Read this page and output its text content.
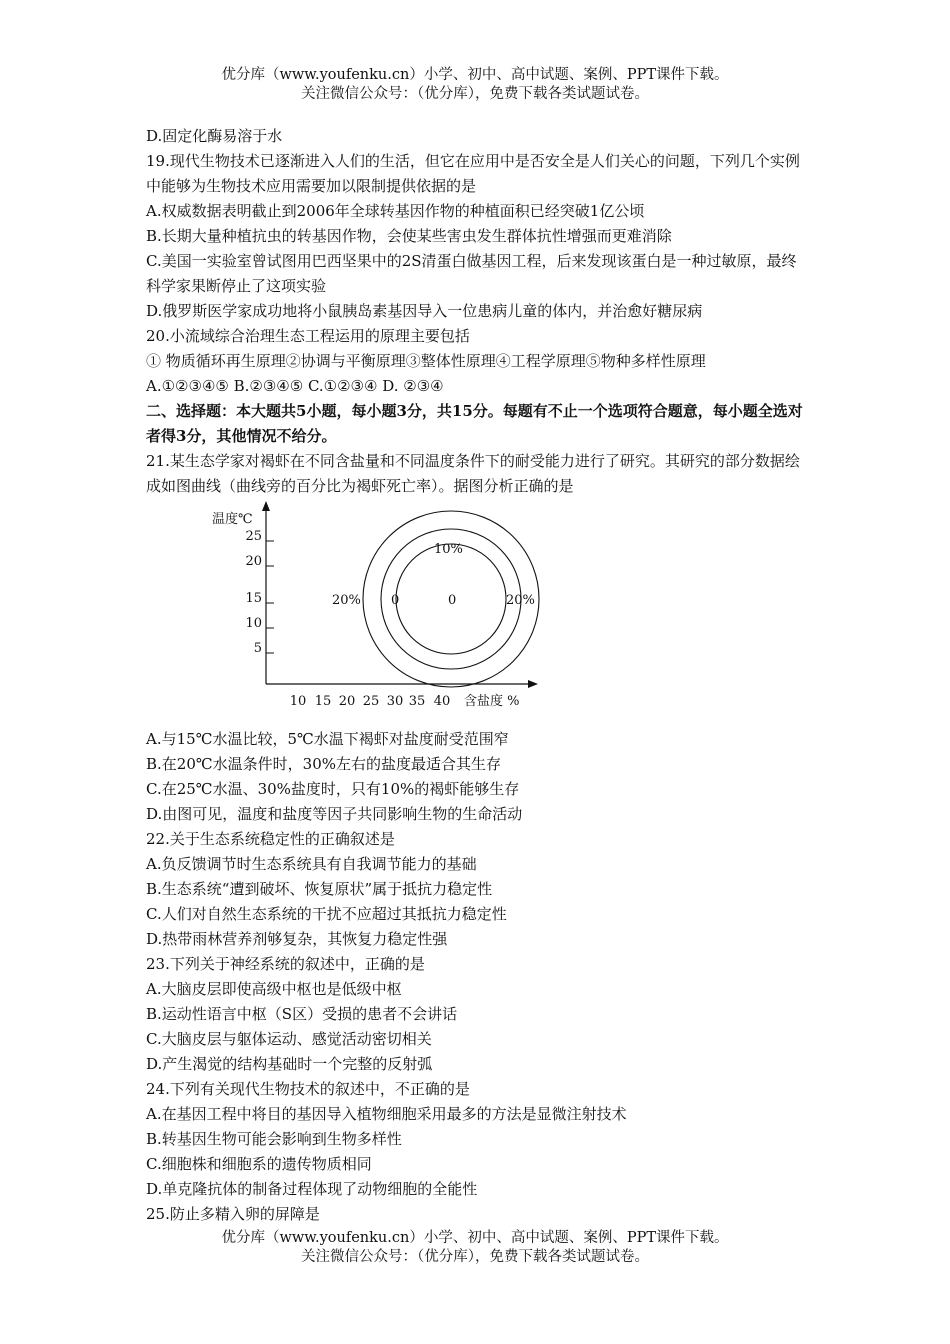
优分库（www.youfenku.cn）小学、初中、高中试题、案例、PPT课件下载。
关注微信公众号：（优分库），免费下载各类试题试卷。
D.固定化酶易溶于水
19.现代生物技术已逐渐进入人们的生活，但它在应用中是否安全是人们关心的问题，下列几个实例中能够为生物技术应用需要加以限制提供依据的是
A.权威数据表明截止到2006年全球转基因作物的种植面积已经突破1亿公顷
B.长期大量种植抗虫的转基因作物，会使某些害虫发生群体抗性增强而更难消除
C.美国一实验室曾试图用巴西坚果中的2S清蛋白做基因工程，后来发现该蛋白是一种过敏原，最终科学家果断停止了这项实验
D.俄罗斯医学家成功地将小鼠胰岛素基因导入一位患病儿童的体内，并治愈好糖尿病
20.小流域综合治理生态工程运用的原理主要包括
① 物质循环再生原理②协调与平衡原理③整体性原理④工程学原理⑤物种多样性原理
A.①②③④⑤ B.②③④⑤ C.①②③④ D. ②③④
二、选择题：本大题共5小题，每小题3分，共15分。每题有不止一个选项符合题意，每小题全选对者得3分，其他情况不给分。
21.某生态学家对褐虾在不同含盐量和不同温度条件下的耐受能力进行了研究。其研究的部分数据绘成如图曲线（曲线旁的百分比为褐虾死亡率）。据图分析正确的是
温度℃
25
20
15
10
5
10 15 20 25 30 35 40
10%
20% 0	0	20%
含盐度 %
A.与15℃水温比较，5℃水温下褐虾对盐度耐受范围窄
B.在20℃水温条件时，30%左右的盐度最适合其生存
C.在25℃水温、30%盐度时，只有10%的褐虾能够生存
D.由图可见，温度和盐度等因子共同影响生物的生命活动
22.关于生态系统稳定性的正确叙述是
A.负反馈调节时生态系统具有自我调节能力的基础
B.生态系统“遭到破坏、恢复原状”属于抵抗力稳定性
C.人们对自然生态系统的干扰不应超过其抵抗力稳定性
D.热带雨林营养剂够复杂，其恢复力稳定性强
23.下列关于神经系统的叙述中，正确的是
A.大脑皮层即使高级中枢也是低级中枢
B.运动性语言中枢（S区）受损的患者不会讲话
C.大脑皮层与躯体运动、感觉活动密切相关
D.产生渴觉的结构基础时一个完整的反射弧
24.下列有关现代生物技术的叙述中，不正确的是
A.在基因工程中将目的基因导入植物细胞采用最多的方法是显微注射技术
B.转基因生物可能会影响到生物多样性
C.细胞株和细胞系的遗传物质相同
D.单克隆抗体的制备过程体现了动物细胞的全能性
25.防止多精入卵的屏障是
优分库（www.youfenku.cn）小学、初中、高中试题、案例、PPT课件下载。
关注微信公众号：（优分库），免费下载各类试题试卷。
